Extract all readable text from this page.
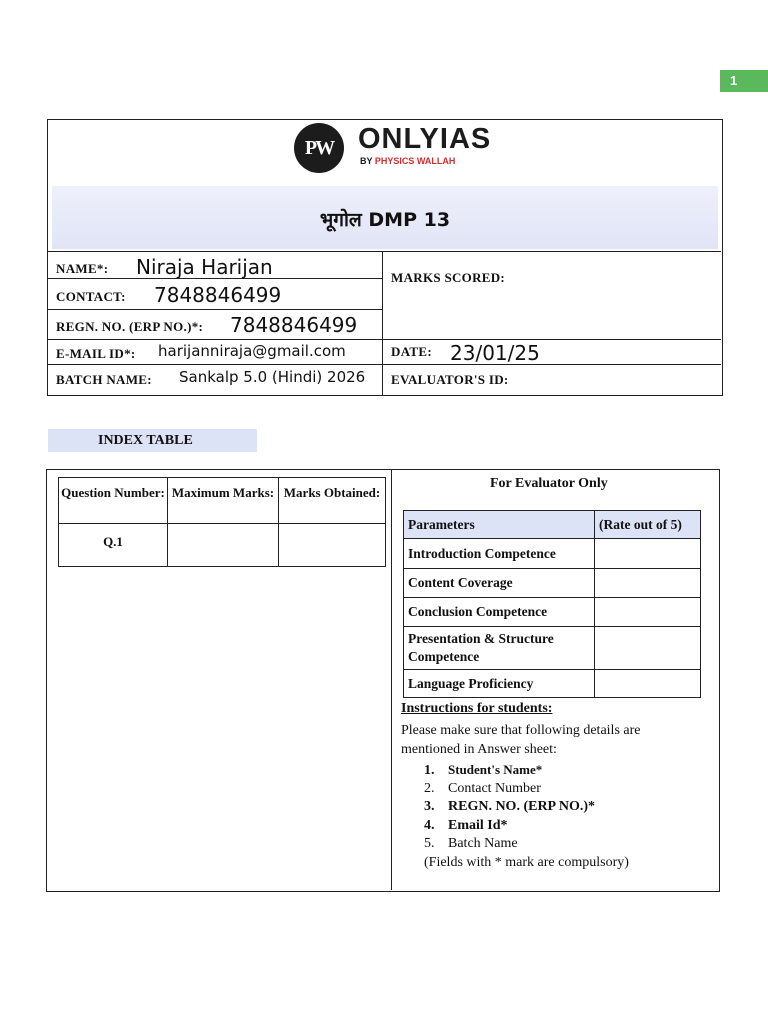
1
PW ONLYIAS
BY PHYSICS WALLAH
भूगोल DMP 13
NAME*: Niraja Harijan
CONTACT: 7848846499
REGN. NO. (ERP NO.)*: 7848846499
E-MAIL ID*: harijanniraja@gmail.com
BATCH NAME: Sankalp 5.0 (Hindi) 2026
MARKS SCORED:
DATE: 23/01/25
EVALUATOR'S ID:
INDEX TABLE
Question Number:	Maximum Marks:	Marks Obtained:
Q.1		
For Evaluator Only
Parameters	(Rate out of 5)
Introduction Competence	
Content Coverage	
Conclusion Competence	
Presentation & Structure Competence	
Language Proficiency	
Instructions for students:
Please make sure that following details are mentioned in Answer sheet:
1. Student's Name*
2. Contact Number
3. REGN. NO. (ERP NO.)*
4. Email Id*
5. Batch Name
(Fields with * mark are compulsory)
